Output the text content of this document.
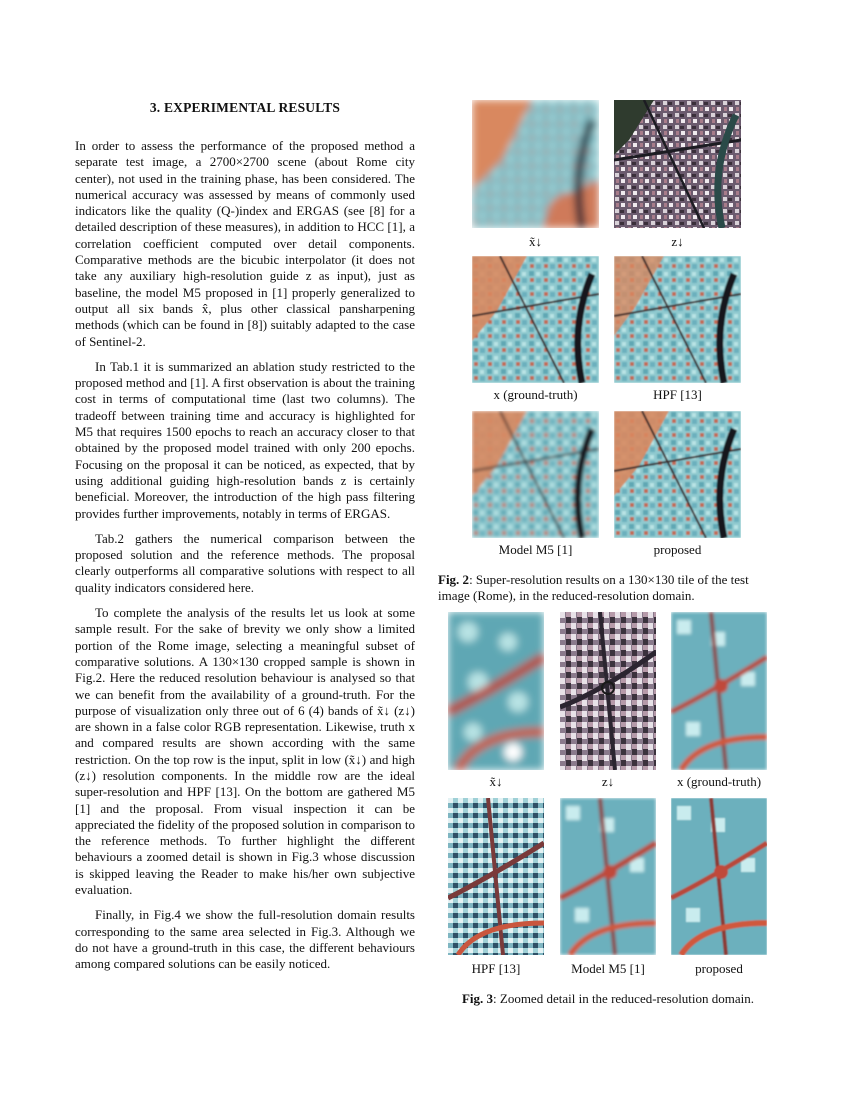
3. EXPERIMENTAL RESULTS

In order to assess the performance of the proposed method a separate test image, a 2700×2700 scene (about Rome city center), not used in the training phase, has been considered. The numerical accuracy was assessed by means of commonly used indicators like the quality (Q-)index and ERGAS (see [8] for a detailed description of these measures), in addition to HCC [1], a correlation coefficient computed over detail components. Comparative methods are the bicubic interpolator (it does not take any auxiliary high-resolution guide z as input), just as baseline, the model M5 proposed in [1] properly generalized to output all six bands x̂, plus other classical pansharpening methods (which can be found in [8]) suitably adapted to the case of Sentinel-2.

In Tab.1 it is summarized an ablation study restricted to the proposed method and [1]. A first observation is about the training cost in terms of computational time (last two columns). The tradeoff between training time and accuracy is highlighted for M5 that requires 1500 epochs to reach an accuracy closer to that obtained by the proposed model trained with only 200 epochs. Focusing on the proposal it can be noticed, as expected, that by using additional guiding high-resolution bands z is certainly beneficial. Moreover, the introduction of the high pass filtering provides further improvements, notably in terms of ERGAS.

Tab.2 gathers the numerical comparison between the proposed solution and the reference methods. The proposal clearly outperforms all comparative solutions with respect to all quality indicators considered here.

To complete the analysis of the results let us look at some sample result. For the sake of brevity we only show a limited portion of the Rome image, selecting a meaningful subset of comparative solutions. A 130×130 cropped sample is shown in Fig.2. Here the reduced resolution behaviour is analysed so that we can benefit from the availability of a ground-truth. For the purpose of visualization only three out of 6 (4) bands of x̃↓ (z↓) are shown in a false color RGB representation. Likewise, truth x and compared results are shown according with the same restriction. On the top row is the input, split in low (x̃↓) and high (z↓) resolution components. In the middle row are the ideal super-resolution and HPF [13]. On the bottom are gathered M5 [1] and the proposal. From visual inspection it can be appreciated the fidelity of the proposed solution in comparison to the reference methods. To further highlight the different behaviours a zoomed detail is shown in Fig.3 whose discussion is skipped leaving the Reader to make his/her own subjective evaluation.

Finally, in Fig.4 we show the full-resolution domain results corresponding to the same area selected in Fig.3. Although we do not have a ground-truth in this case, the different behaviours among compared solutions can be easily noticed.

x̃↓	z↓
x (ground-truth)	HPF [13]
Model M5 [1]	proposed
Fig. 2: Super-resolution results on a 130×130 tile of the test image (Rome), in the reduced-resolution domain.
x̃↓	z↓	x (ground-truth)
HPF [13]	Model M5 [1]	proposed
Fig. 3: Zoomed detail in the reduced-resolution domain.
